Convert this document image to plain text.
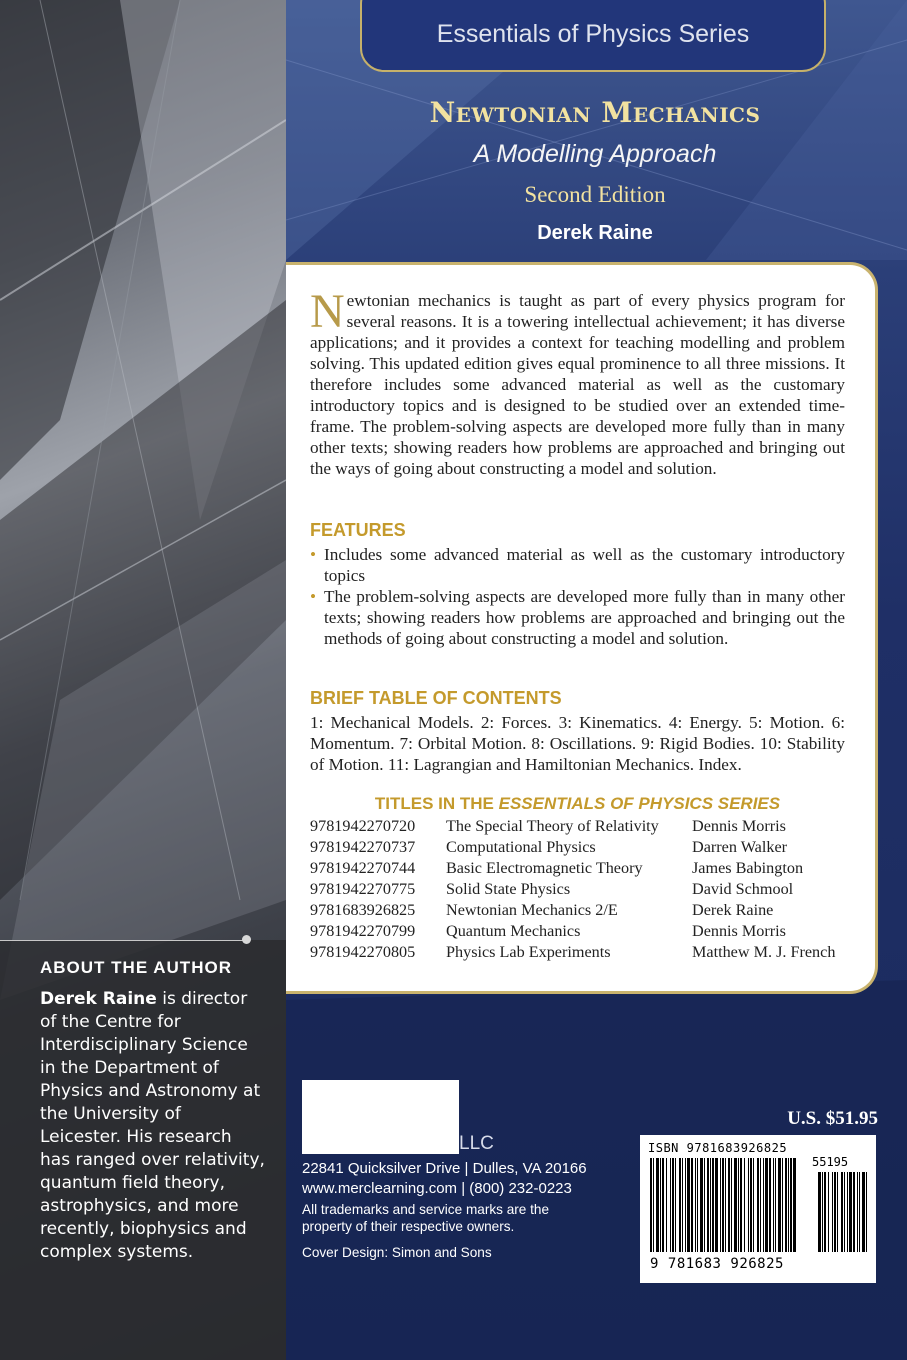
Essentials of Physics Series
Newtonian Mechanics
A Modelling Approach
Second Edition
Derek Raine
Newtonian mechanics is taught as part of every physics program for several reasons. It is a towering intellectual achievement; it has diverse applications; and it provides a context for teaching modelling and problem solving. This updated edition gives equal prominence to all three missions. It therefore includes some advanced material as well as the customary introductory topics and is designed to be studied over an extended time-frame. The problem-solving aspects are developed more fully than in many other texts; showing readers how problems are approached and bringing out the ways of going about constructing a model and solution.
FEATURES
• Includes some advanced material as well as the customary introductory topics
• The problem-solving aspects are developed more fully than in many other texts; showing readers how problems are approached and bringing out the methods of going about constructing a model and solution.
BRIEF TABLE OF CONTENTS
1: Mechanical Models. 2: Forces. 3: Kinematics. 4: Energy. 5: Motion. 6: Momentum. 7: Orbital Motion. 8: Oscillations. 9: Rigid Bodies. 10: Stability of Motion. 11: Lagrangian and Hamiltonian Mechanics. Index.
TITLES IN THE ESSENTIALS OF PHYSICS SERIES
9781942270720	The Special Theory of Relativity	Dennis Morris
9781942270737	Computational Physics	Darren Walker
9781942270744	Basic Electromagnetic Theory	James Babington
9781942270775	Solid State Physics	David Schmool
9781683926825	Newtonian Mechanics 2/E	Derek Raine
9781942270799	Quantum Mechanics	Dennis Morris
9781942270805	Physics Lab Experiments	Matthew M. J. French
ABOUT THE AUTHOR
Derek Raine is director of the Centre for Interdisciplinary Science in the Department of Physics and Astronomy at the University of Leicester. His research has ranged over relativity, quantum field theory, astrophysics, and more recently, biophysics and complex systems.
LLC
22841 Quicksilver Drive | Dulles, VA 20166
www.merclearning.com | (800) 232-0223
All trademarks and service marks are the property of their respective owners.
Cover Design: Simon and Sons
U.S. $51.95
ISBN 9781683926825
55195
9 781683 926825
